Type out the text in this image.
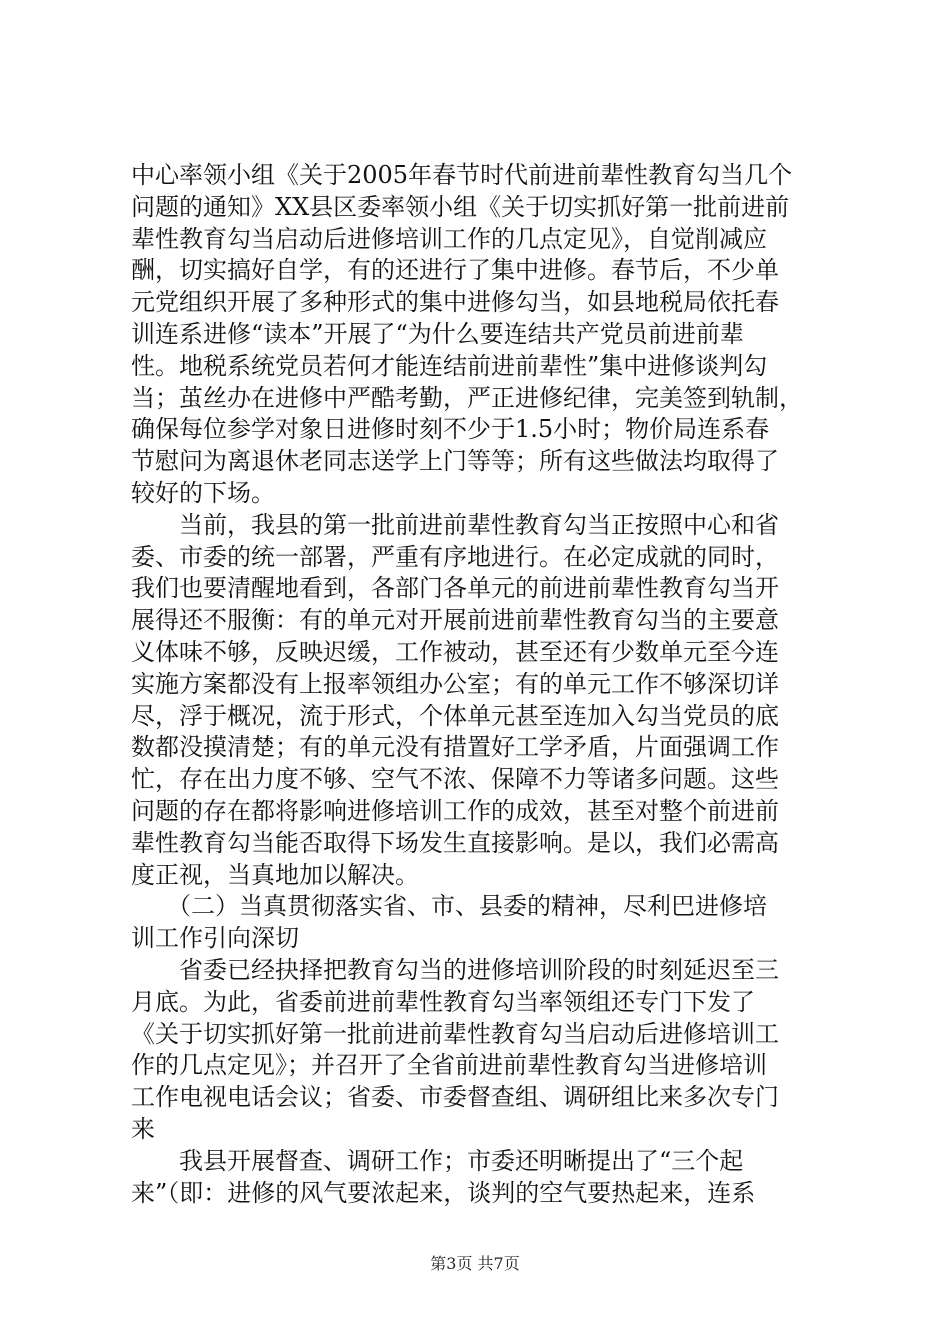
中心率领小组《关于2005年春节时代前进前辈性教育勾当几个
问题的通知》XX县区委率领小组《关于切实抓好第一批前进前
辈性教育勾当启动后进修培训工作的几点定见》，自觉削减应
酬，切实搞好自学，有的还进行了集中进修。春节后，不少单
元党组织开展了多种形式的集中进修勾当，如县地税局依托春
训连系进修“读本”开展了“为什么要连结共产党员前进前辈
性。地税系统党员若何才能连结前进前辈性”集中进修谈判勾
当；茧丝办在进修中严酷考勤，严正进修纪律，完美签到轨制，
确保每位参学对象日进修时刻不少于1.5小时；物价局连系春
节慰问为离退休老同志送学上门等等；所有这些做法均取得了
较好的下场。
　　当前，我县的第一批前进前辈性教育勾当正按照中心和省
委、市委的统一部署，严重有序地进行。在必定成就的同时，
我们也要清醒地看到，各部门各单元的前进前辈性教育勾当开
展得还不服衡：有的单元对开展前进前辈性教育勾当的主要意
义体味不够，反映迟缓，工作被动，甚至还有少数单元至今连
实施方案都没有上报率领组办公室；有的单元工作不够深切详
尽，浮于概况，流于形式，个体单元甚至连加入勾当党员的底
数都没摸清楚；有的单元没有措置好工学矛盾，片面强调工作
忙，存在出力度不够、空气不浓、保障不力等诸多问题。这些
问题的存在都将影响进修培训工作的成效，甚至对整个前进前
辈性教育勾当能否取得下场发生直接影响。是以，我们必需高
度正视，当真地加以解决。
　　（二）当真贯彻落实省、市、县委的精神，尽利巴进修培
训工作引向深切
　　省委已经抉择把教育勾当的进修培训阶段的时刻延迟至三
月底。为此，省委前进前辈性教育勾当率领组还专门下发了
《关于切实抓好第一批前进前辈性教育勾当启动后进修培训工
作的几点定见》；并召开了全省前进前辈性教育勾当进修培训
工作电视电话会议；省委、市委督查组、调研组比来多次专门
来
　　我县开展督查、调研工作；市委还明晰提出了“三个起
来”（即：进修的风气要浓起来，谈判的空气要热起来，连系
第3页 共7页
